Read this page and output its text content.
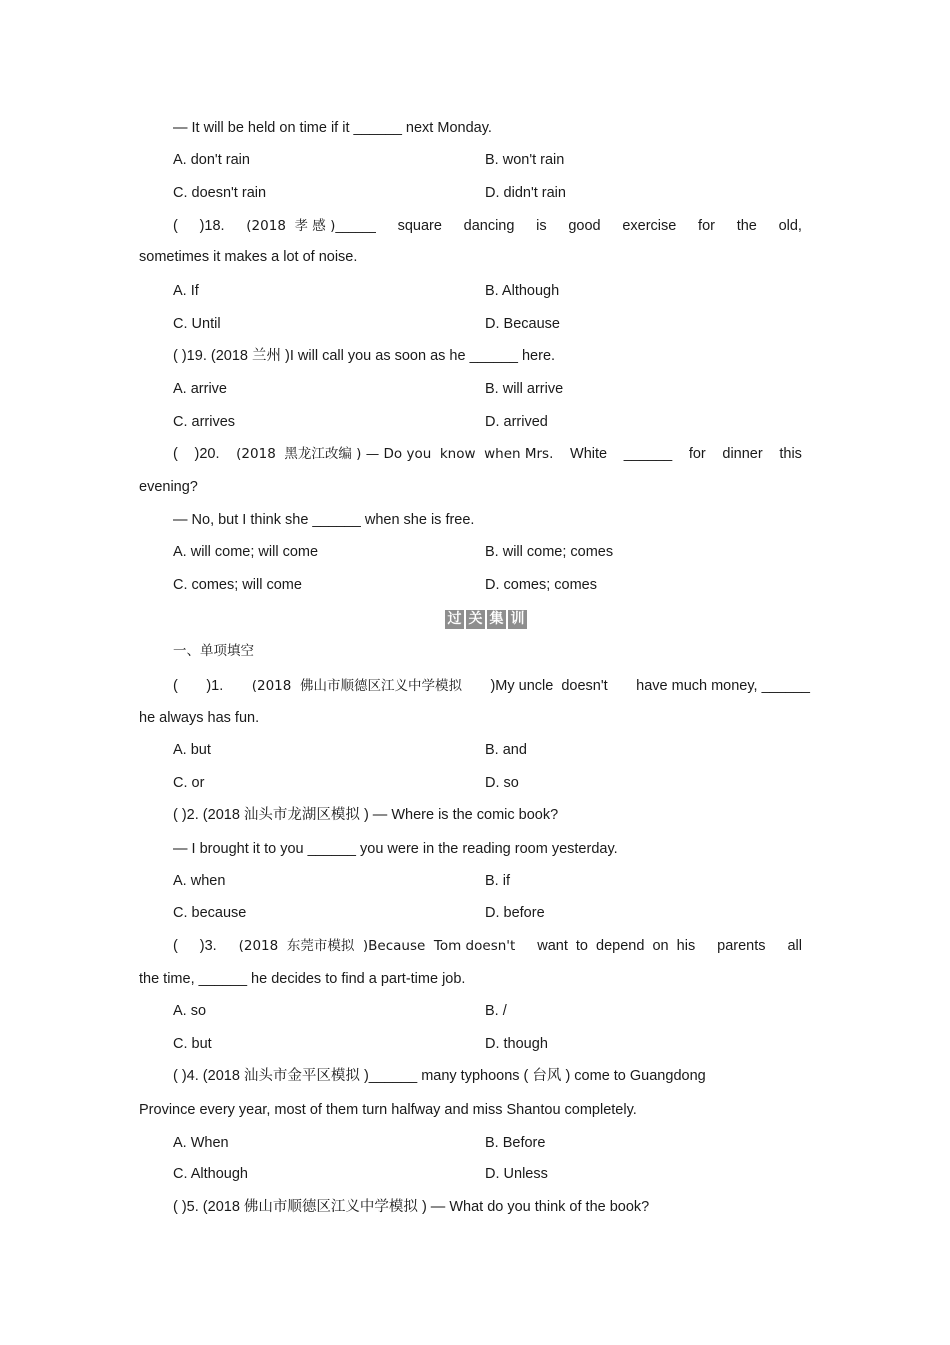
— It will be held on time if it ______ next Monday.
A. don't rain	B. won't rain
C. doesn't rain	D. didn't rain
( )18. (2018  孝 感 )______ square dancing is good exercise for the old,
sometimes it makes a lot of noise.
A. If	B. Although
C. Until	D. Because
( )19. (2018 兰州 )I will call you as soon as he ______ here.
A. arrive	B. will arrive
C. arrives	D. arrived
( )20. (2018  黑龙江改编 ) — Do you  know  when Mrs. White ______ for dinner this
evening?
— No, but I think she ______ when she is free.
A. will come; will come	B. will come; comes
C. comes; will come	D. comes; comes
过 关 集 训
一、单项填空
( )1. (2018  佛山市顺德区江义中学模拟 )My uncle  doesn't have much money, ______
he always has fun.
A. but	B. and
C. or	D. so
( )2. (2018 汕头市龙湖区模拟 ) — Where is the comic book?
— I brought it to you ______ you were in the reading room yesterday.
A. when	B. if
C. because	D. before
( )3. (2018  东莞市模拟  )Because  Tom doesn't want  to  depend  on  his parents all
the time, ______ he decides to find a part-time job.
A. so	B. /
C. but	D. though
( )4. (2018 汕头市金平区模拟 )______ many typhoons ( 台风 ) come to Guangdong
Province every year, most of them turn halfway and miss Shantou completely.
A. When	B. Before
C. Although	D. Unless
( )5. (2018 佛山市顺德区江义中学模拟 ) — What do you think of the book?
